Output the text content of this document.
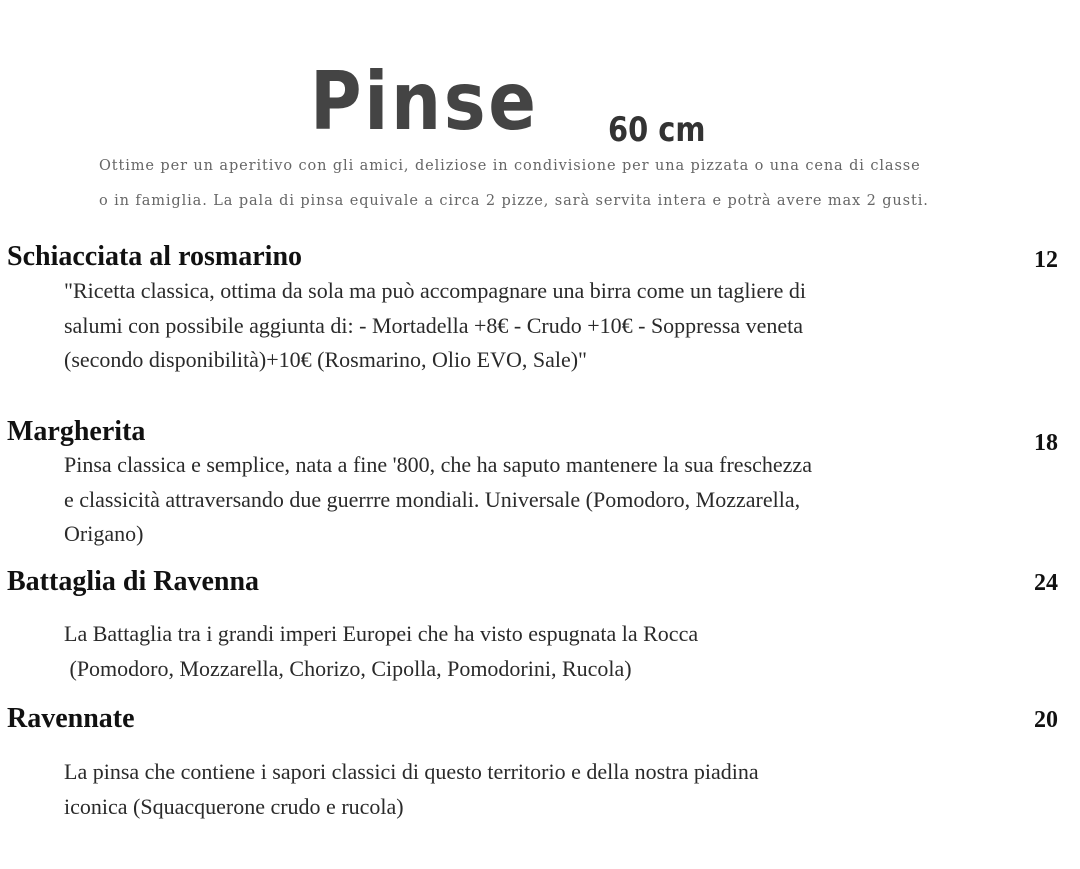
Pinse 60 cm
Ottime per un aperitivo con gli amici, deliziose in condivisione per una pizzata o una cena di classe
o in famiglia. La pala di pinsa equivale a circa 2 pizze, sarà servita intera e potrà avere max 2 gusti.
Schiacciata al rosmarino	12
"Ricetta classica, ottima da sola ma può accompagnare una birra come un tagliere di
salumi con possibile aggiunta di: - Mortadella +8€ - Crudo +10€ - Soppressa veneta
(secondo disponibilità)+10€ (Rosmarino, Olio EVO, Sale)"
Margherita	18
Pinsa classica e semplice, nata a fine '800, che ha saputo mantenere la sua freschezza
e classicità attraversando due guerrre mondiali. Universale (Pomodoro, Mozzarella,
Origano)
Battaglia di Ravenna	24
La Battaglia tra i grandi imperi Europei che ha visto espugnata la Rocca
(Pomodoro, Mozzarella, Chorizo, Cipolla, Pomodorini, Rucola)
Ravennate	20
La pinsa che contiene i sapori classici di questo territorio e della nostra piadina
iconica (Squacquerone crudo e rucola)
